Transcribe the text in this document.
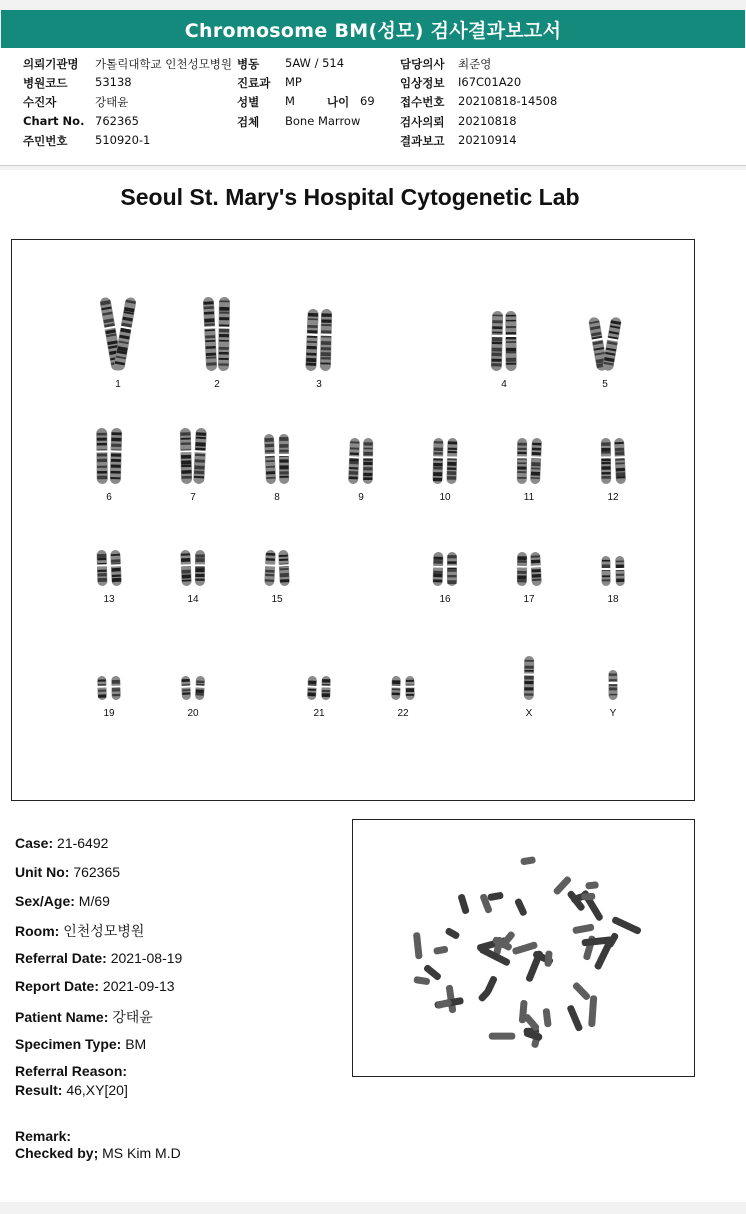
Chromosome BM(성모) 검사결과보고서
의뢰기관명 가톨릭대학교 인천성모병원
병원코드 53138
수진자	강태윤
Chart No. 762365
주민번호 510920-1
병동 5AW / 514
진료과 MP
성별 M	나이 69
검체 Bone Marrow
담당의사 최준영
임상정보 I67C01A20
접수번호 20210818-14508
검사의뢰 20210818
결과보고 20210914
Seoul St. Mary's Hospital Cytogenetic Lab
1	2	3	4	5
6	7	8	9	10	11	12
13	14	15	16	17	18
19	20	21	22	X	Y
Case: 21-6492
Unit No: 762365
Sex/Age: M/69
Room: 인천성모병원
Referral Date: 2021-08-19
Report Date: 2021-09-13
Patient Name: 강태윤
Specimen Type: BM
Referral Reason:
Result: 46,XY[20]
Remark:
Checked by; MS Kim M.D
